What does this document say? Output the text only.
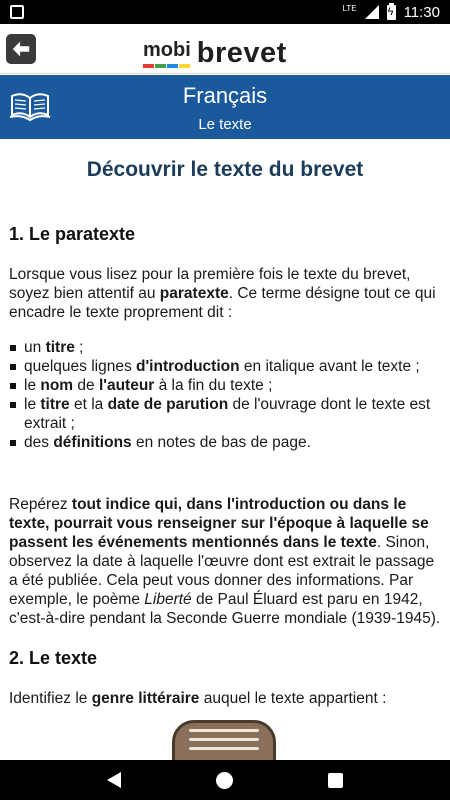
LTE
ϟ	11:30
mobi brevet
Français
Le texte
Découvrir le texte du brevet
1. Le paratexte

Lorsque vous lisez pour la première fois le texte du brevet, soyez bien attentif au paratexte. Ce terme désigne tout ce qui encadre le texte proprement dit :

un titre ;
quelques lignes d'introduction en italique avant le texte ;
le nom de l'auteur à la fin du texte ;
le titre et la date de parution de l'ouvrage dont le texte est extrait ;
des définitions en notes de bas de page.

Repérez tout indice qui, dans l'introduction ou dans le texte, pourrait vous renseigner sur l'époque à laquelle se passent les événements mentionnés dans le texte. Sinon, observez la date à laquelle l'œuvre dont est extrait le passage a été publiée. Cela peut vous donner des informations. Par exemple, le poème Liberté de Paul Éluard est paru en 1942, c'est-à-dire pendant la Seconde Guerre mondiale (1939-1945).

2. Le texte

Identifiez le genre littéraire auquel le texte appartient :
